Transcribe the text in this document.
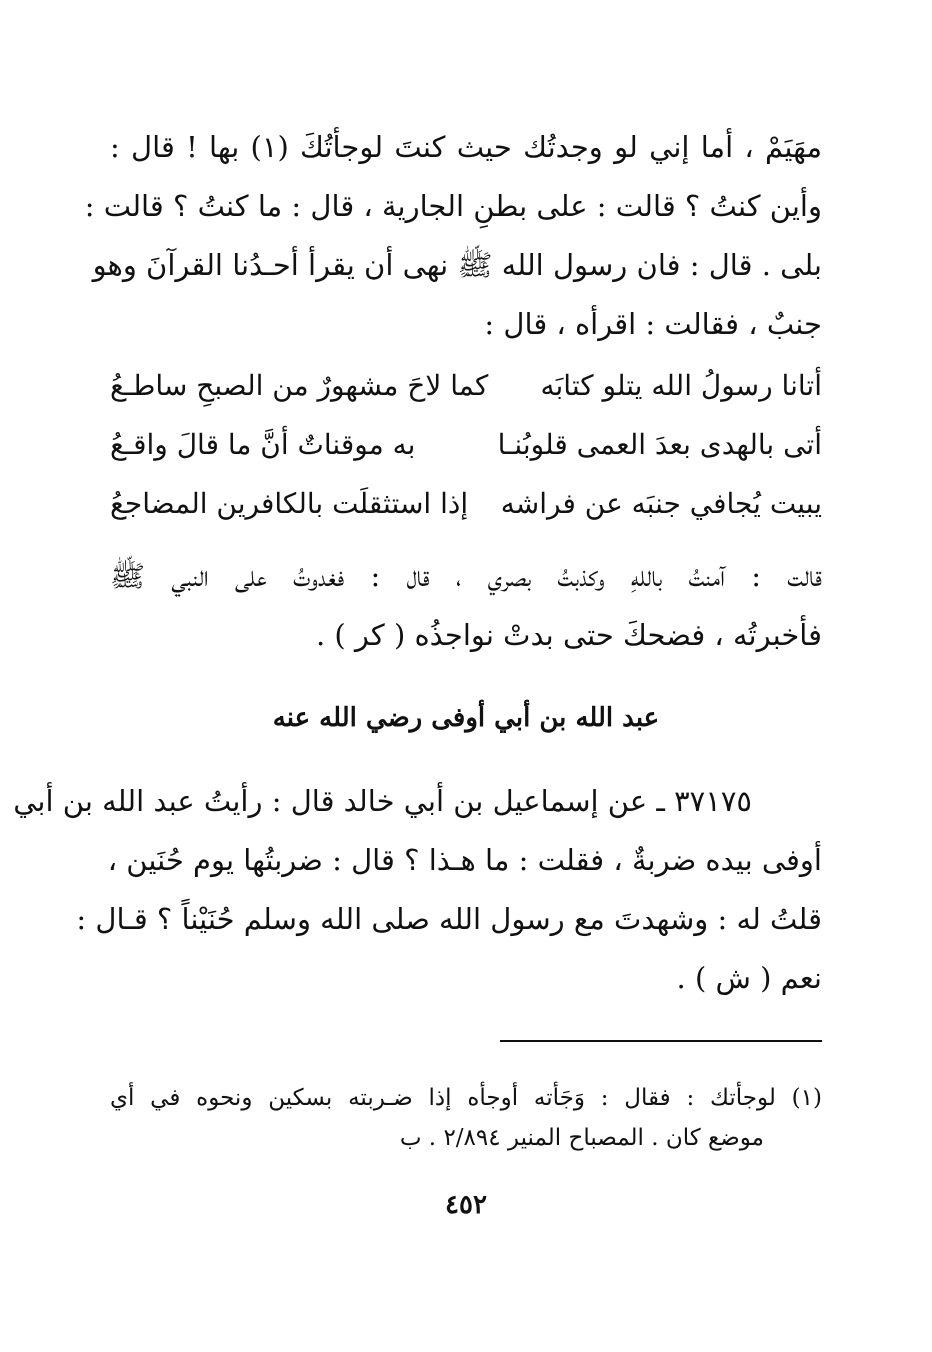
مهَيَمْ ، أما إني لو وجدتُك حيث كنتَ لوجأتُكَ (١) بها ! قال :
وأين كنتُ ؟ قالت : على بطنِ الجارية ، قال : ما كنتُ ؟ قالت :
بلى . قال : فان رسول الله ﷺ نهى أن يقرأ أحـدُنا القرآنَ وهو
جنبٌ ، فقالت : اقرأه ، قال :
أتانا رسولُ الله يتلو كتابَه
كما لاحَ مشهورٌ من الصبحِ ساطـعُ
أتى بالهدى بعدَ العمى قلوبُنـا
به موقناتٌ أنَّ ما قالَ واقـعُ
يبيت يُجافي جنبَه عن فراشه
إذا استثقلَت بالكافرين المضاجعُ
قالت : آمنتُ باللهِ وكذبتُ بصري ، قال : فغدوتُ على النبي ﷺ
فأخبرتُه ، فضحكَ حتى بدتْ نواجذُه ( كر ) .
عبد الله بن أبي أوفى رضي الله عنه
٣٧١٧٥ ـ عن إسماعيل بن أبي خالد قال : رأيتُ عبد الله بن أبي
أوفى بيده ضربةٌ ، فقلت : ما هـذا ؟ قال : ضربتُها يوم حُنَين ،
قلتُ له : وشهدتَ مع رسول الله صلى الله وسلم حُنَيْناً ؟ قـال :
نعم ( ش ) .
(١) لوجأتك : فقال : وَجَأته أوجأه إذا ضـربته بسكين ونحوه في أي
موضع كان . المصباح المنير ٢/٨٩٤ . ب
٤٥٢
